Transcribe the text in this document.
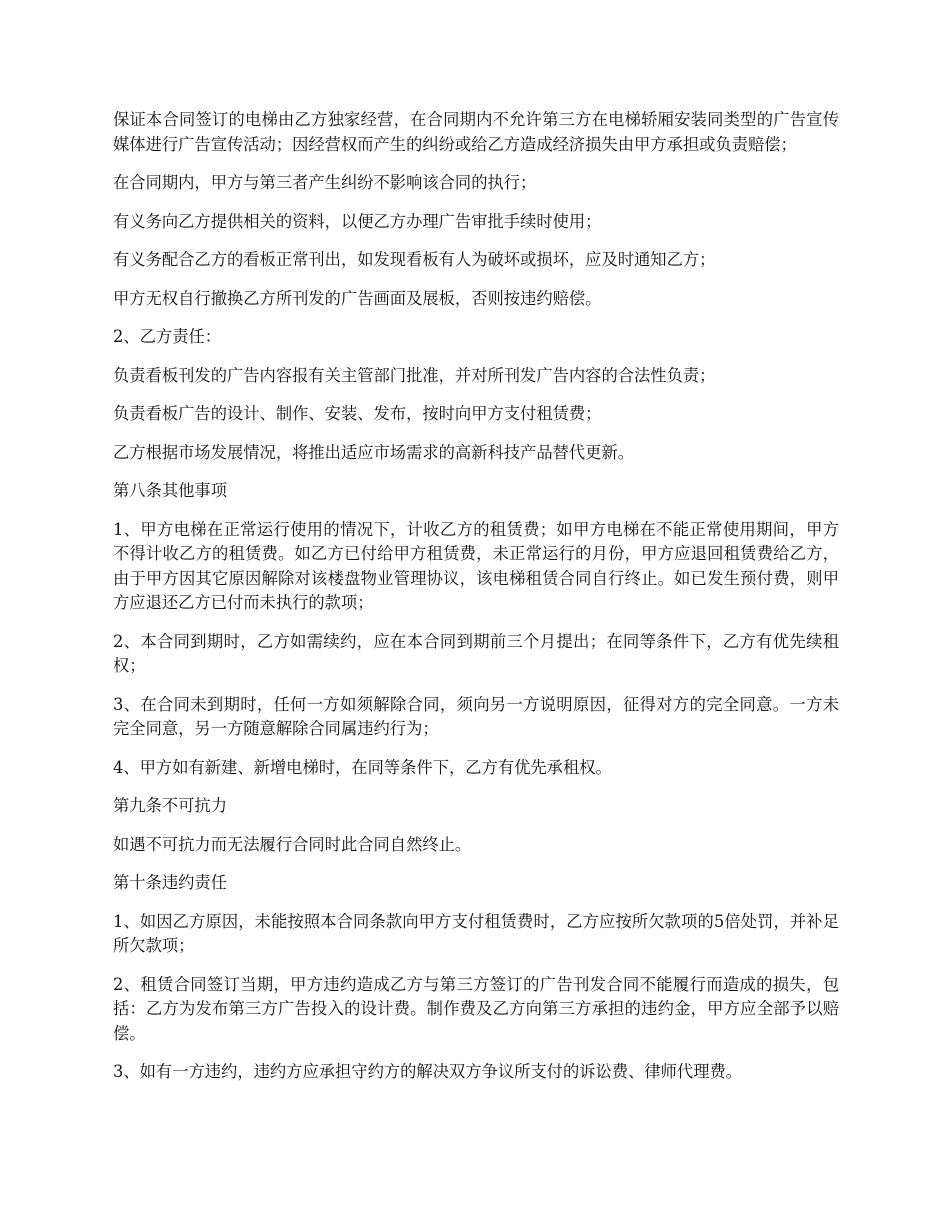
保证本合同签订的电梯由乙方独家经营，在合同期内不允许第三方在电梯轿厢安装同类型的广告宣传媒体进行广告宣传活动；因经营权而产生的纠纷或给乙方造成经济损失由甲方承担或负责赔偿；

在合同期内，甲方与第三者产生纠纷不影响该合同的执行；

有义务向乙方提供相关的资料，以便乙方办理广告审批手续时使用；

有义务配合乙方的看板正常刊出，如发现看板有人为破坏或损坏，应及时通知乙方；

甲方无权自行撤换乙方所刊发的广告画面及展板，否则按违约赔偿。

2、乙方责任：

负责看板刊发的广告内容报有关主管部门批准，并对所刊发广告内容的合法性负责；

负责看板广告的设计、制作、安装、发布，按时向甲方支付租赁费；

乙方根据市场发展情况，将推出适应市场需求的高新科技产品替代更新。

第八条其他事项

1、甲方电梯在正常运行使用的情况下，计收乙方的租赁费；如甲方电梯在不能正常使用期间，甲方不得计收乙方的租赁费。如乙方已付给甲方租赁费，未正常运行的月份，甲方应退回租赁费给乙方，由于甲方因其它原因解除对该楼盘物业管理协议，该电梯租赁合同自行终止。如已发生预付费，则甲方应退还乙方已付而未执行的款项；

2、本合同到期时，乙方如需续约，应在本合同到期前三个月提出；在同等条件下，乙方有优先续租权；

3、在合同未到期时，任何一方如须解除合同，须向另一方说明原因，征得对方的完全同意。一方未完全同意，另一方随意解除合同属违约行为；

4、甲方如有新建、新增电梯时，在同等条件下，乙方有优先承租权。

第九条不可抗力

如遇不可抗力而无法履行合同时此合同自然终止。

第十条违约责任

1、如因乙方原因，未能按照本合同条款向甲方支付租赁费时，乙方应按所欠款项的5倍处罚，并补足所欠款项；

2、租赁合同签订当期，甲方违约造成乙方与第三方签订的广告刊发合同不能履行而造成的损失，包括：乙方为发布第三方广告投入的设计费。制作费及乙方向第三方承担的违约金，甲方应全部予以赔偿。

3、如有一方违约，违约方应承担守约方的解决双方争议所支付的诉讼费、律师代理费。
